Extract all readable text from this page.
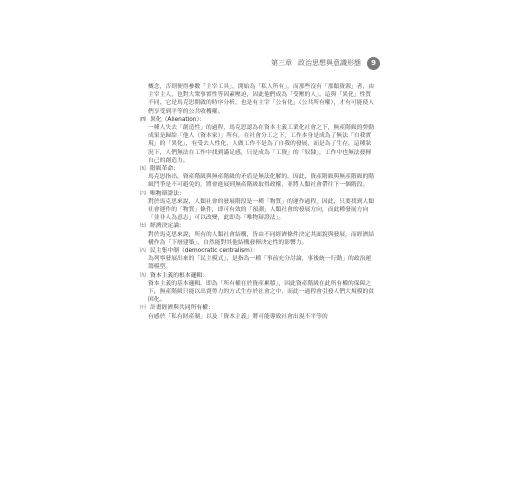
第三章 政治思想與意識形態	9

概念，否則便得參數「主宰工具」，開始為「私人所有」，而那些沒有「那類資源」者，由主宰主人，也對大衆事實性等因素壓迫，因此他們成為「受壓的人」。這與「異化」性質不同，它是馬克思開啟的時序分析，也是有主宰「公有化」（公共所有權），才有可能使人們享受到平等的公共收穫權。

㈣ 異化（Alienation）：

一種人失去「創造性」的過程，馬克思認為在資本主義工業化社會之下，無產階級的勞動成果是歸給「他人（資本家）」所有，在社會分工之下，工作本身是成為了無法「自我實現」的「異化」，有受去人性化，人做工作不是為了自我的發展，而是為了生存，這種狀況下，人們無法在工作中找到滿足感，只是成為「工資」的「奴隸」，工作中也無法發揮自己的創造力。

㈤ 階級革命：

馬克思指出，資產階級與無產階級的矛盾是無法化解的，因此，資產階級與無產階級的階級鬥爭是不可避免的，將會進展到無產階級取得政權，並將人類社會帶往下一個階段。

㈥ 唯物辯證法：

對於馬克思來說，人類社會的發展階段是一種「物質」的運作過程，因此，只要找到人類社會運作的「物質」條件，即可有效的「預測」人類社會的發展方向，而此種發展方向「並非人為意志」可以改變，此即為「唯物辯證法」。

㈦ 經濟決定論：

對於馬克思來說，所有的人類社會結構，皆由不同經濟條件決定其面貌與發展，而經濟結構作為「下層建築」，自然能對其他結構發揮決定性的影響力。

㈧ 民主集中制（democratic centralism）：

為列寧發展出來的「民主模式」，是指為一種「事前充分討論，事後統一行動」的政治運籌模型。

㈨ 資本主義的根本邏輯：

資本主義的基本邏輯，即為「所有權在於資產累積」，因此資產階級在此所有權的保障之下，無產階級只能以出賣勞力的方式生存於社會之中，而此一過程會引發人們大規模的貧困化。

㈩ 計畫經濟與共同所有權：

有感於「私有財產制」以及「資本主義」將可能導致社會出現不平等的
